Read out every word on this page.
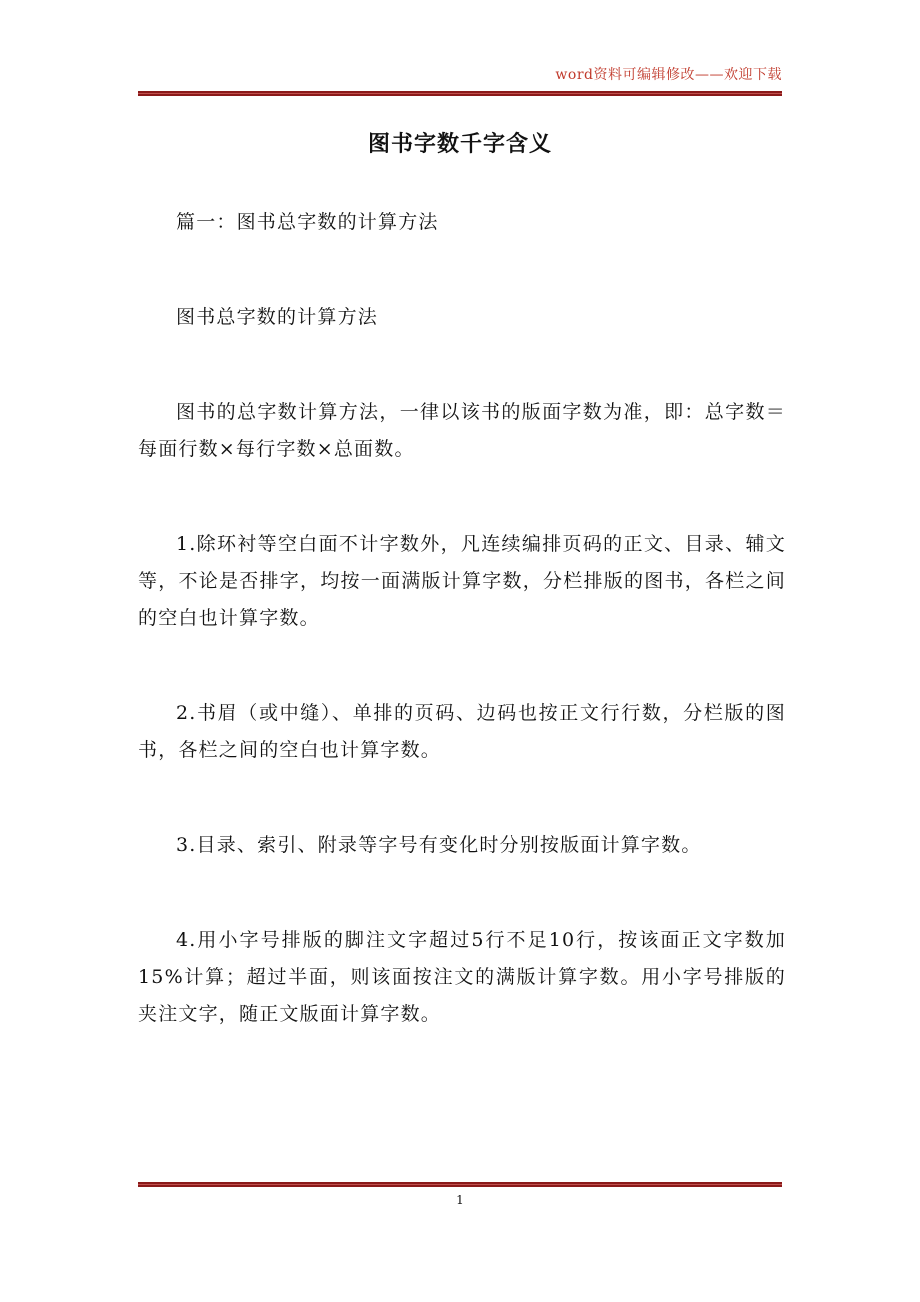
word资料可编辑修改——欢迎下载
图书字数千字含义

篇一：图书总字数的计算方法

图书总字数的计算方法

图书的总字数计算方法，一律以该书的版面字数为准，即：总字数＝每面行数×每行字数×总面数。

1.除环衬等空白面不计字数外，凡连续编排页码的正文、目录、辅文等，不论是否排字，均按一面满版计算字数，分栏排版的图书，各栏之间的空白也计算字数。

2.书眉（或中缝）、单排的页码、边码也按正文行行数，分栏版的图书，各栏之间的空白也计算字数。

3.目录、索引、附录等字号有变化时分别按版面计算字数。

4.用小字号排版的脚注文字超过5行不足10行，按该面正文字数加15%计算；超过半面，则该面按注文的满版计算字数。用小字号排版的夹注文字，随正文版面计算字数。

1
